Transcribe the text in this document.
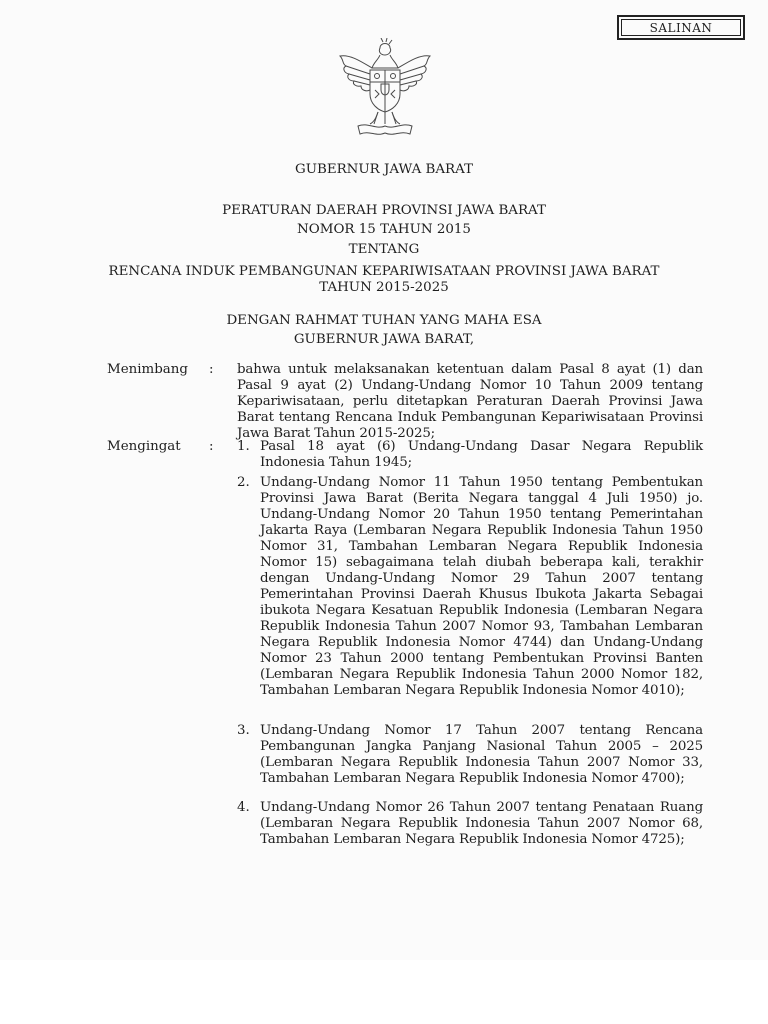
SALINAN
GUBERNUR JAWA BARAT
PERATURAN DAERAH PROVINSI JAWA BARAT
NOMOR 15 TAHUN 2015
TENTANG
RENCANA INDUK PEMBANGUNAN KEPARIWISATAAN PROVINSI JAWA BARAT
TAHUN 2015-2025
DENGAN RAHMAT TUHAN YANG MAHA ESA
GUBERNUR JAWA BARAT,
Menimbang : bahwa untuk melaksanakan ketentuan dalam Pasal 8 ayat (1) dan Pasal 9 ayat (2) Undang-Undang Nomor 10 Tahun 2009 tentang Kepariwisataan, perlu ditetapkan Peraturan Daerah Provinsi Jawa Barat tentang Rencana Induk Pembangunan Kepariwisataan Provinsi Jawa Barat Tahun 2015-2025;
Mengingat : 1. Pasal 18 ayat (6) Undang-Undang Dasar Negara Republik Indonesia Tahun 1945;
2. Undang-Undang Nomor 11 Tahun 1950 tentang Pembentukan Provinsi Jawa Barat (Berita Negara tanggal 4 Juli 1950) jo. Undang-Undang Nomor 20 Tahun 1950 tentang Pemerintahan Jakarta Raya (Lembaran Negara Republik Indonesia Tahun 1950 Nomor 31, Tambahan Lembaran Negara Republik Indonesia Nomor 15) sebagaimana telah diubah beberapa kali, terakhir dengan Undang-Undang Nomor 29 Tahun 2007 tentang Pemerintahan Provinsi Daerah Khusus Ibukota Jakarta Sebagai ibukota Negara Kesatuan Republik Indonesia (Lembaran Negara Republik Indonesia Tahun 2007 Nomor 93, Tambahan Lembaran Negara Republik Indonesia Nomor 4744) dan Undang-Undang Nomor 23 Tahun 2000 tentang Pembentukan Provinsi Banten (Lembaran Negara Republik Indonesia Tahun 2000 Nomor 182, Tambahan Lembaran Negara Republik Indonesia Nomor 4010);
3. Undang-Undang Nomor 17 Tahun 2007 tentang Rencana Pembangunan Jangka Panjang Nasional Tahun 2005 – 2025 (Lembaran Negara Republik Indonesia Tahun 2007 Nomor 33, Tambahan Lembaran Negara Republik Indonesia Nomor 4700);
4. Undang-Undang Nomor 26 Tahun 2007 tentang Penataan Ruang (Lembaran Negara Republik Indonesia Tahun 2007 Nomor 68, Tambahan Lembaran Negara Republik Indonesia Nomor 4725);
